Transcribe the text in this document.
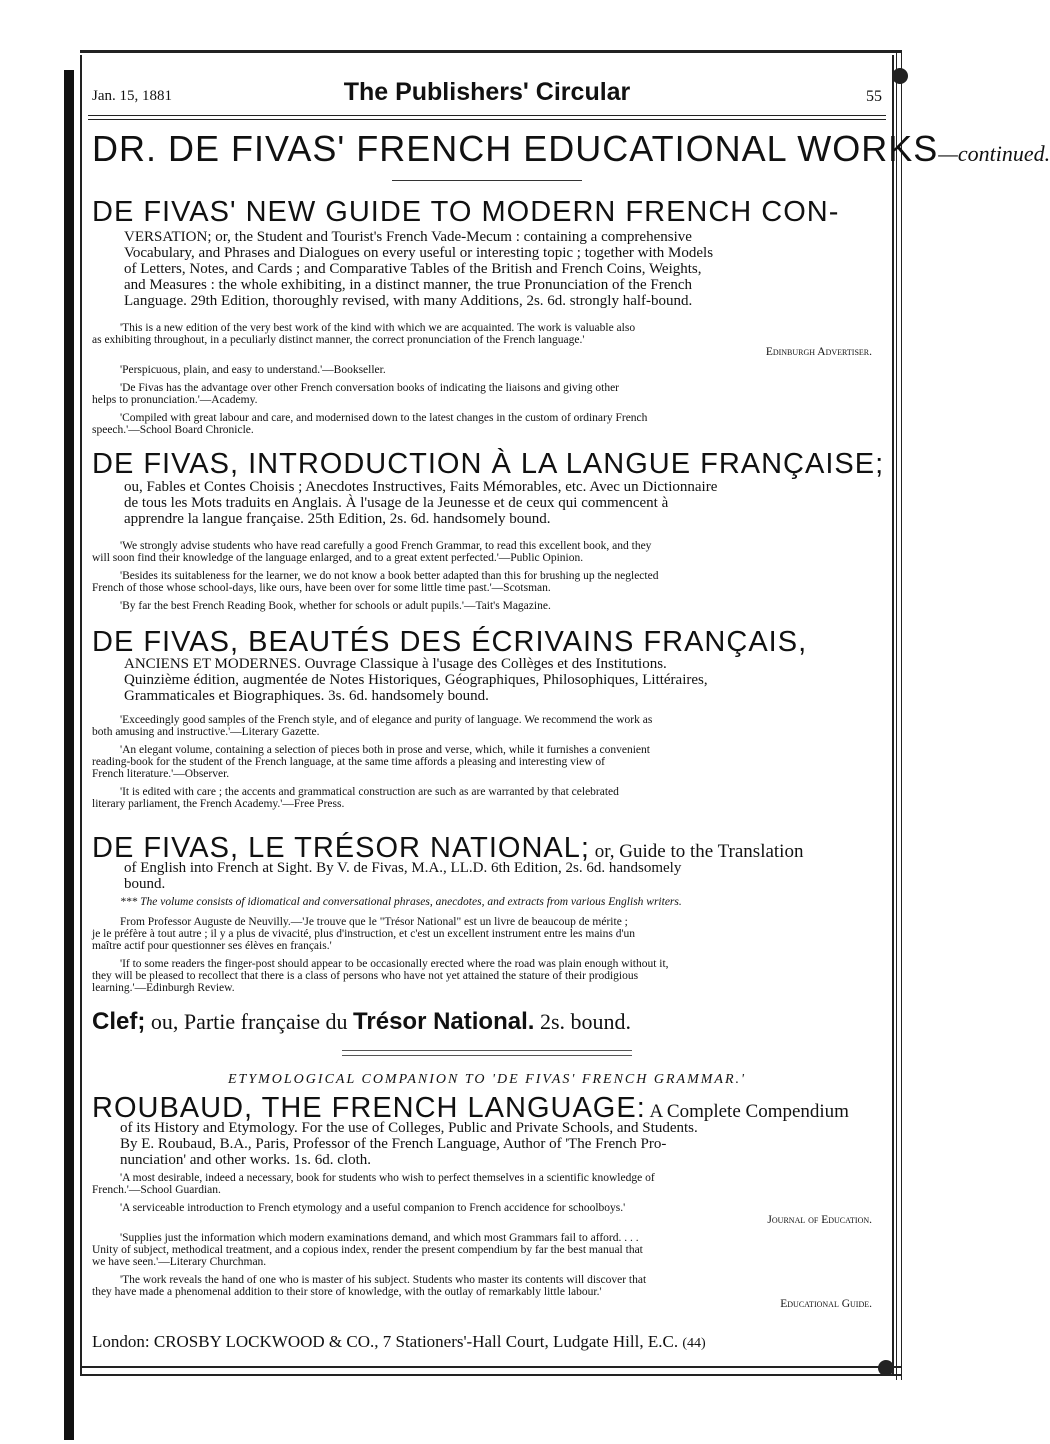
Jan. 15, 1881	The Publishers' Circular	55
DR. DE FIVAS' FRENCH EDUCATIONAL WORKS—continued.
DE FIVAS' NEW GUIDE TO MODERN FRENCH CON-

VERSATION; or, the Student and Tourist's French Vade-Mecum : containing a comprehensive

Vocabulary, and Phrases and Dialogues on every useful or interesting topic ; together with Models

of Letters, Notes, and Cards ; and Comparative Tables of the British and French Coins, Weights,

and Measures : the whole exhibiting, in a distinct manner, the true Pronunciation of the French

Language. 29th Edition, thoroughly revised, with many Additions, 2s. 6d. strongly half-bound.

'This is a new edition of the very best work of the kind with which we are acquainted. The work is valuable also

as exhibiting throughout, in a peculiarly distinct manner, the correct pronunciation of the French language.'

Edinburgh Advertiser.

'Perspicuous, plain, and easy to understand.'—Bookseller.

'De Fivas has the advantage over other French conversation books of indicating the liaisons and giving other

helps to pronunciation.'—Academy.

'Compiled with great labour and care, and modernised down to the latest changes in the custom of ordinary French

speech.'—School Board Chronicle.

DE FIVAS, INTRODUCTION À LA LANGUE FRANÇAISE;

ou, Fables et Contes Choisis ; Anecdotes Instructives, Faits Mémorables, etc. Avec un Dictionnaire

de tous les Mots traduits en Anglais. À l'usage de la Jeunesse et de ceux qui commencent à

apprendre la langue française. 25th Edition, 2s. 6d. handsomely bound.

'We strongly advise students who have read carefully a good French Grammar, to read this excellent book, and they

will soon find their knowledge of the language enlarged, and to a great extent perfected.'—Public Opinion.

'Besides its suitableness for the learner, we do not know a book better adapted than this for brushing up the neglected

French of those whose school-days, like ours, have been over for some little time past.'—Scotsman.

'By far the best French Reading Book, whether for schools or adult pupils.'—Tait's Magazine.

DE FIVAS, BEAUTÉS DES ÉCRIVAINS FRANÇAIS,

ANCIENS ET MODERNES. Ouvrage Classique à l'usage des Collèges et des Institutions.

Quinzième édition, augmentée de Notes Historiques, Géographiques, Philosophiques, Littéraires,

Grammaticales et Biographiques. 3s. 6d. handsomely bound.

'Exceedingly good samples of the French style, and of elegance and purity of language. We recommend the work as

both amusing and instructive.'—Literary Gazette.

'An elegant volume, containing a selection of pieces both in prose and verse, which, while it furnishes a convenient

reading-book for the student of the French language, at the same time affords a pleasing and interesting view of

French literature.'—Observer.

'It is edited with care ; the accents and grammatical construction are such as are warranted by that celebrated

literary parliament, the French Academy.'—Free Press.

DE FIVAS, LE TRÉSOR NATIONAL; or, Guide to the Translation

of English into French at Sight. By V. de Fivas, M.A., LL.D. 6th Edition, 2s. 6d. handsomely

bound.

*** The volume consists of idiomatical and conversational phrases, anecdotes, and extracts from various English writers.

From Professor Auguste de Neuvilly.—'Je trouve que le "Trésor National" est un livre de beaucoup de mérite ;

je le préfère à tout autre ; il y a plus de vivacité, plus d'instruction, et c'est un excellent instrument entre les mains d'un

maître actif pour questionner ses élèves en français.'

'If to some readers the finger-post should appear to be occasionally erected where the road was plain enough without it,

they will be pleased to recollect that there is a class of persons who have not yet attained the stature of their prodigious

learning.'—Edinburgh Review.

Clef; ou, Partie française du Trésor National. 2s. bound.
ETYMOLOGICAL COMPANION TO 'DE FIVAS' FRENCH GRAMMAR.'
ROUBAUD, THE FRENCH LANGUAGE: A Complete Compendium

of its History and Etymology. For the use of Colleges, Public and Private Schools, and Students.

By E. Roubaud, B.A., Paris, Professor of the French Language, Author of 'The French Pro-

nunciation' and other works. 1s. 6d. cloth.

'A most desirable, indeed a necessary, book for students who wish to perfect themselves in a scientific knowledge of

French.'—School Guardian.

'A serviceable introduction to French etymology and a useful companion to French accidence for schoolboys.'

Journal of Education.

'Supplies just the information which modern examinations demand, and which most Grammars fail to afford. . . .

Unity of subject, methodical treatment, and a copious index, render the present compendium by far the best manual that

we have seen.'—Literary Churchman.

'The work reveals the hand of one who is master of his subject. Students who master its contents will discover that

they have made a phenomenal addition to their store of knowledge, with the outlay of remarkably little labour.'

Educational Guide.

London: CROSBY LOCKWOOD & CO., 7 Stationers'-Hall Court, Ludgate Hill, E.C. (44)
